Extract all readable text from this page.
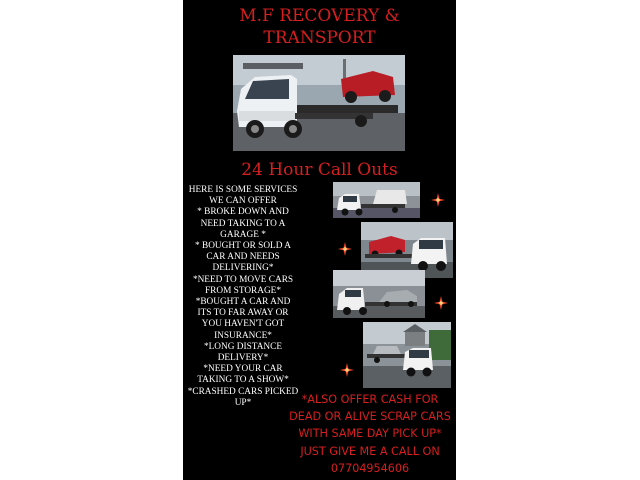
M.F RECOVERY &
TRANSPORT
24 Hour Call Outs
HERE IS SOME SERVICES
WE CAN OFFER
* BROKE DOWN AND
NEED TAKING TO A
GARAGE *
* BOUGHT OR SOLD A
CAR AND NEEDS
DELIVERING*
*NEED TO MOVE CARS
FROM STORAGE*
*BOUGHT A CAR AND
ITS TO FAR AWAY OR
YOU HAVEN'T GOT
INSURANCE*
*LONG DISTANCE
DELIVERY*
*NEED YOUR CAR
TAKING TO A SHOW*
*CRASHED CARS PICKED
UP*	*ALSO OFFER CASH FOR
DEAD OR ALIVE SCRAP CARS
WITH SAME DAY PICK UP*
JUST GIVE ME A CALL ON
07704954606
